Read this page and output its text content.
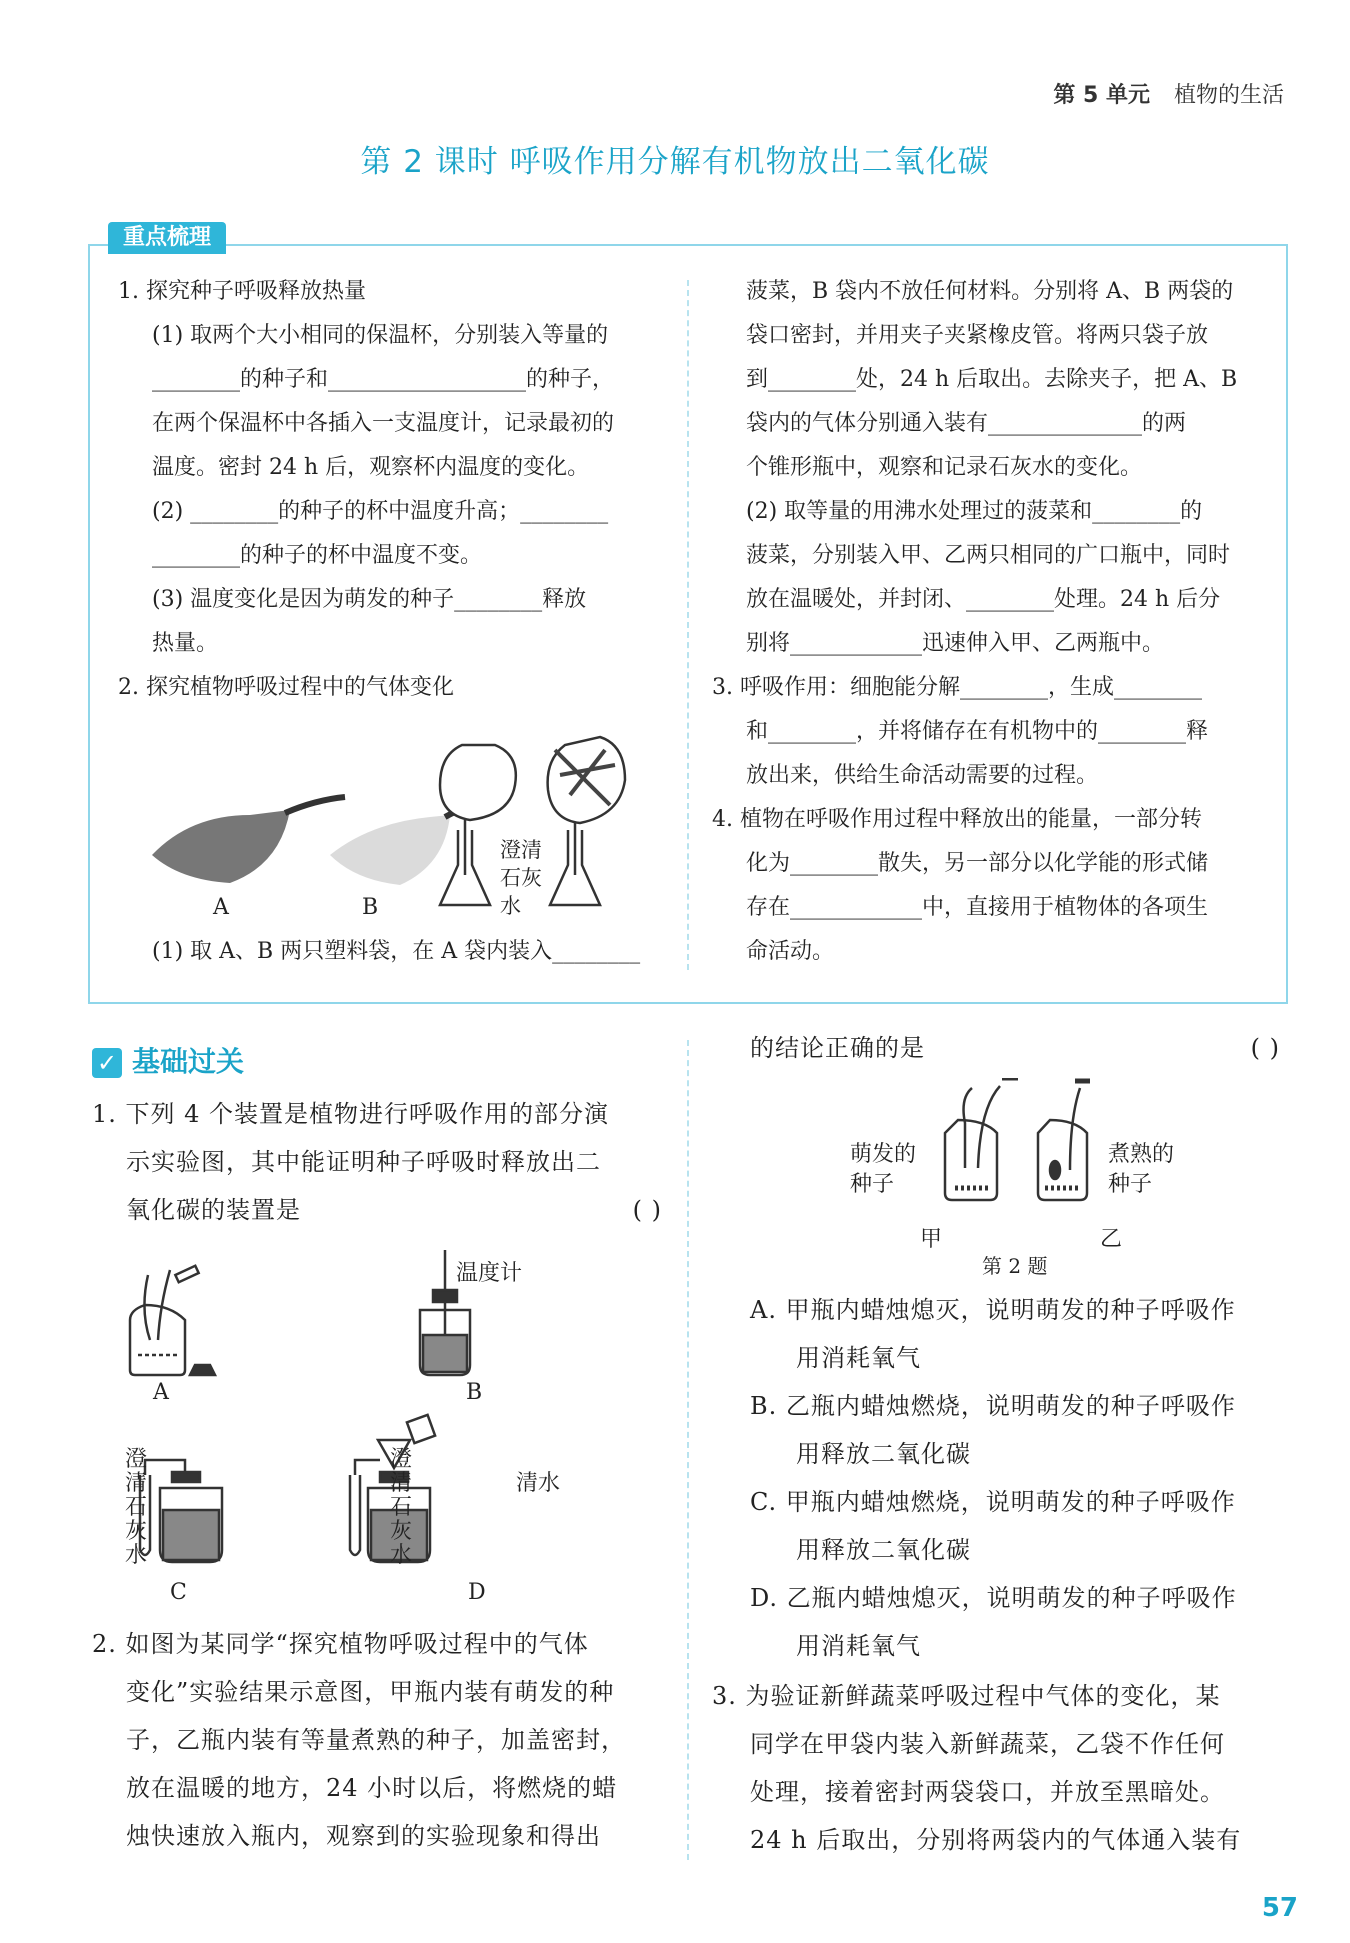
第 5 单元 植物的生活
第 2 课时 呼吸作用分解有机物放出二氧化碳
重点梳理

1. 探究种子呼吸释放热量

(1) 取两个大小相同的保温杯，分别装入等量的

________的种子和__________________的种子，

在两个保温杯中各插入一支温度计，记录最初的

温度。密封 24 h 后，观察杯内温度的变化。

(2) ________的种子的杯中温度升高；________

________的种子的杯中温度不变。

(3) 温度变化是因为萌发的种子________释放

热量。

2. 探究植物呼吸过程中的气体变化

A	B
澄清石灰水

(1) 取 A、B 两只塑料袋，在 A 袋内装入________

菠菜，B 袋内不放任何材料。分别将 A、B 两袋的

袋口密封，并用夹子夹紧橡皮管。将两只袋子放

到________处，24 h 后取出。去除夹子，把 A、B

袋内的气体分别通入装有______________的两

个锥形瓶中，观察和记录石灰水的变化。

(2) 取等量的用沸水处理过的菠菜和________的

菠菜，分别装入甲、乙两只相同的广口瓶中，同时

放在温暖处，并封闭、________处理。24 h 后分

别将____________迅速伸入甲、乙两瓶中。

3. 呼吸作用：细胞能分解________，生成________

和________，并将储存在有机物中的________释

放出来，供给生命活动需要的过程。

4. 植物在呼吸作用过程中释放出的能量，一部分转

化为________散失，另一部分以化学能的形式储

存在____________中，直接用于植物体的各项生

命活动。

✓ 基础过关

1. 下列 4 个装置是植物进行呼吸作用的部分演

示实验图，其中能证明种子呼吸时释放出二

氧化碳的装置是	( )

A	B
温度计
澄清石灰水
澄清石灰水
清水
C	D

2. 如图为某同学“探究植物呼吸过程中的气体

变化”实验结果示意图，甲瓶内装有萌发的种

子，乙瓶内装有等量煮熟的种子，加盖密封，

放在温暖的地方，24 小时以后，将燃烧的蜡

烛快速放入瓶内，观察到的实验现象和得出

的结论正确的是	( )

萌发的种子
煮熟的种子
甲	乙
第 2 题

A. 甲瓶内蜡烛熄灭，说明萌发的种子呼吸作

用消耗氧气

B. 乙瓶内蜡烛燃烧，说明萌发的种子呼吸作

用释放二氧化碳

C. 甲瓶内蜡烛燃烧，说明萌发的种子呼吸作

用释放二氧化碳

D. 乙瓶内蜡烛熄灭，说明萌发的种子呼吸作

用消耗氧气

3. 为验证新鲜蔬菜呼吸过程中气体的变化，某

同学在甲袋内装入新鲜蔬菜，乙袋不作任何

处理，接着密封两袋袋口，并放至黑暗处。

24 h 后取出，分别将两袋内的气体通入装有

57
